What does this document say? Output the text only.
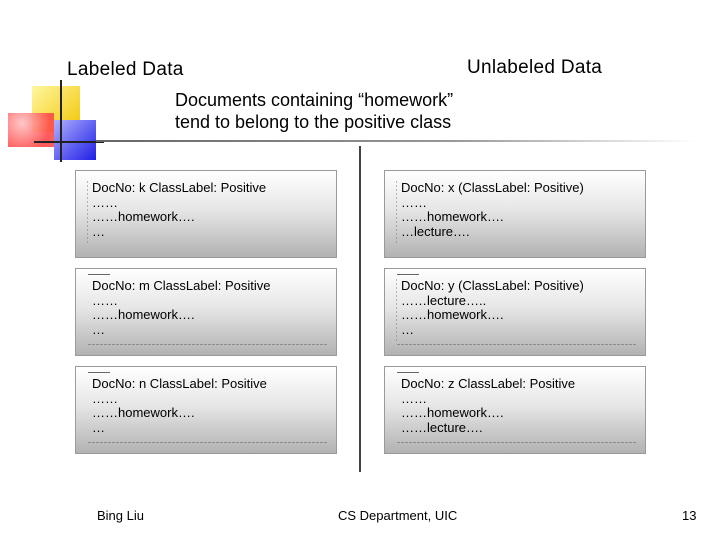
Labeled Data	Unlabeled Data
Documents containing “homework”
tend to belong to the positive class
DocNo: k ClassLabel: Positive
……
……homework….
…
DocNo: m ClassLabel: Positive
……
……homework….
…
DocNo: n ClassLabel: Positive
……
……homework….
…
DocNo: x (ClassLabel: Positive)
……
……homework….
…lecture….
DocNo: y (ClassLabel: Positive)
……lecture…..
……homework….
…
DocNo: z ClassLabel: Positive
……
……homework….
……lecture….
Bing Liu	CS Department, UIC	13
